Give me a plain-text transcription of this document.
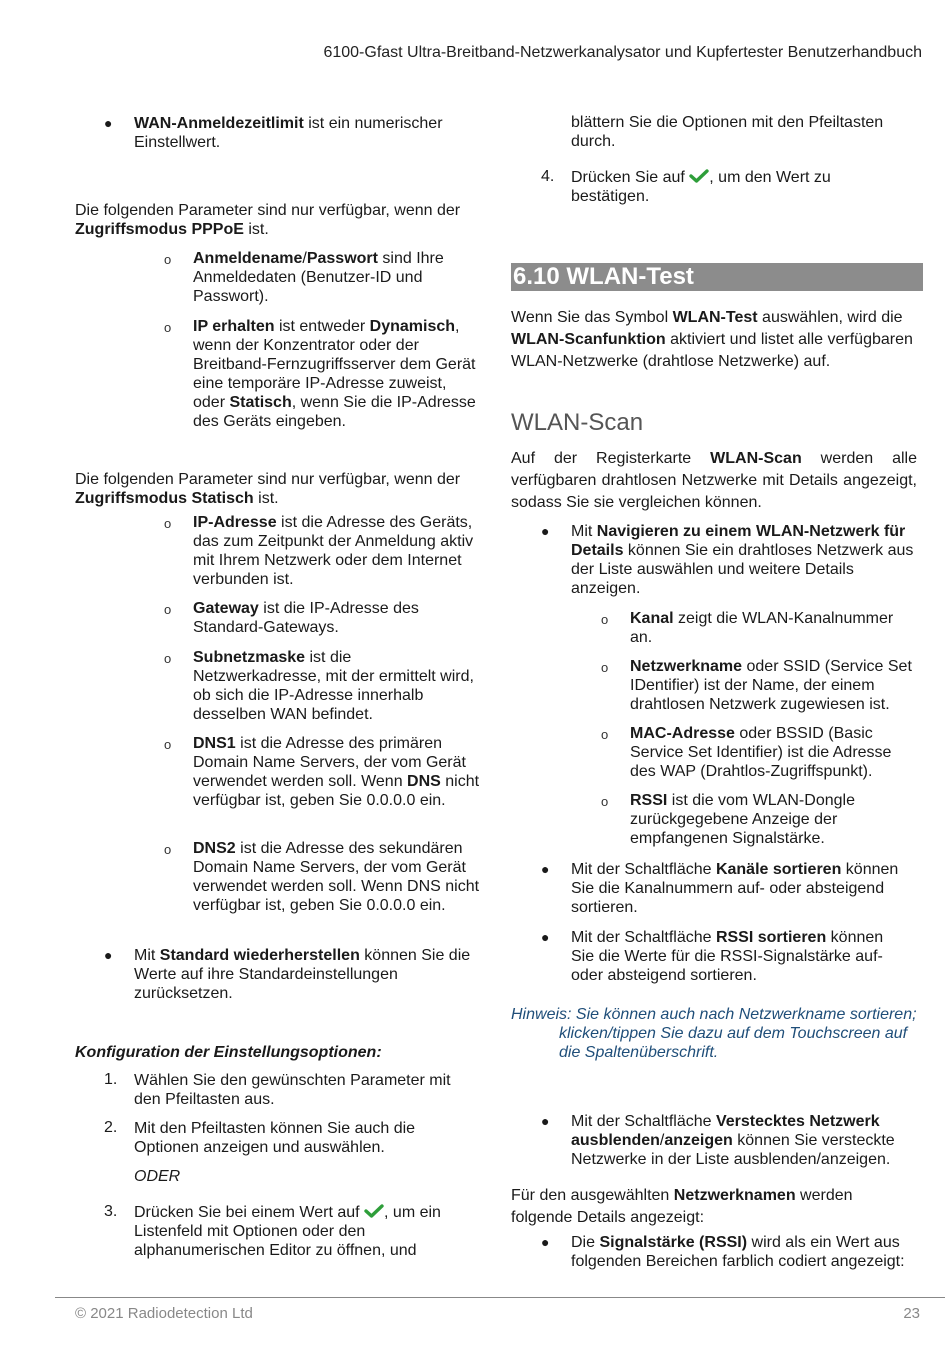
6100-Gfast Ultra-Breitband-Netzwerkanalysator und Kupfertester Benutzerhandbuch
● WAN-Anmeldezeitlimit ist ein numerischer Einstellwert.
Die folgenden Parameter sind nur verfügbar, wenn der Zugriffsmodus PPPoE ist.
o Anmeldename/Passwort sind Ihre Anmeldedaten (Benutzer-ID und Passwort).
o IP erhalten ist entweder Dynamisch, wenn der Konzentrator oder der Breitband-Fernzugriffsserver dem Gerät eine temporäre IP-Adresse zuweist, oder Statisch, wenn Sie die IP-Adresse des Geräts eingeben.
Die folgenden Parameter sind nur verfügbar, wenn der Zugriffsmodus Statisch ist.
o IP-Adresse ist die Adresse des Geräts, das zum Zeitpunkt der Anmeldung aktiv mit Ihrem Netzwerk oder dem Internet verbunden ist.
o Gateway ist die IP-Adresse des Standard-Gateways.
o Subnetzmaske ist die Netzwerkadresse, mit der ermittelt wird, ob sich die IP-Adresse innerhalb desselben WAN befindet.
o DNS1 ist die Adresse des primären Domain Name Servers, der vom Gerät verwendet werden soll. Wenn DNS nicht verfügbar ist, geben Sie 0.0.0.0 ein.
o DNS2 ist die Adresse des sekundären Domain Name Servers, der vom Gerät verwendet werden soll. Wenn DNS nicht verfügbar ist, geben Sie 0.0.0.0 ein.
● Mit Standard wiederherstellen können Sie die Werte auf ihre Standardeinstellungen zurücksetzen.
Konfiguration der Einstellungsoptionen:
1. Wählen Sie den gewünschten Parameter mit den Pfeiltasten aus.
2. Mit den Pfeiltasten können Sie auch die Optionen anzeigen und auswählen.
ODER
3. Drücken Sie bei einem Wert auf , um ein Listenfeld mit Optionen oder den alphanumerischen Editor zu öffnen, und
blättern Sie die Optionen mit den Pfeiltasten durch.
4. Drücken Sie auf , um den Wert zu bestätigen.
6.10 WLAN-Test
Wenn Sie das Symbol WLAN-Test auswählen, wird die WLAN-Scanfunktion aktiviert und listet alle verfügbaren WLAN-Netzwerke (drahtlose Netzwerke) auf.
WLAN-Scan
Auf der Registerkarte WLAN-Scan werden alle verfügbaren drahtlosen Netzwerke mit Details angezeigt, sodass Sie sie vergleichen können.
● Mit Navigieren zu einem WLAN-Netzwerk für Details können Sie ein drahtloses Netzwerk aus der Liste auswählen und weitere Details anzeigen.
o Kanal zeigt die WLAN-Kanalnummer an.
o Netzwerkname oder SSID (Service Set IDentifier) ist der Name, der einem drahtlosen Netzwerk zugewiesen ist.
o MAC-Adresse oder BSSID (Basic Service Set Identifier) ist die Adresse des WAP (Drahtlos-Zugriffspunkt).
o RSSI ist die vom WLAN-Dongle zurückgegebene Anzeige der empfangenen Signalstärke.
● Mit der Schaltfläche Kanäle sortieren können Sie die Kanalnummern auf- oder absteigend sortieren.
● Mit der Schaltfläche RSSI sortieren können Sie die Werte für die RSSI-Signalstärke auf- oder absteigend sortieren.
Hinweis: Sie können auch nach Netzwerkname sortieren; klicken/tippen Sie dazu auf dem Touchscreen auf die Spaltenüberschrift.
● Mit der Schaltfläche Verstecktes Netzwerk ausblenden/anzeigen können Sie versteckte Netzwerke in der Liste ausblenden/anzeigen.
Für den ausgewählten Netzwerknamen werden folgende Details angezeigt:
● Die Signalstärke (RSSI) wird als ein Wert aus folgenden Bereichen farblich codiert angezeigt:
© 2021 Radiodetection Ltd	23
